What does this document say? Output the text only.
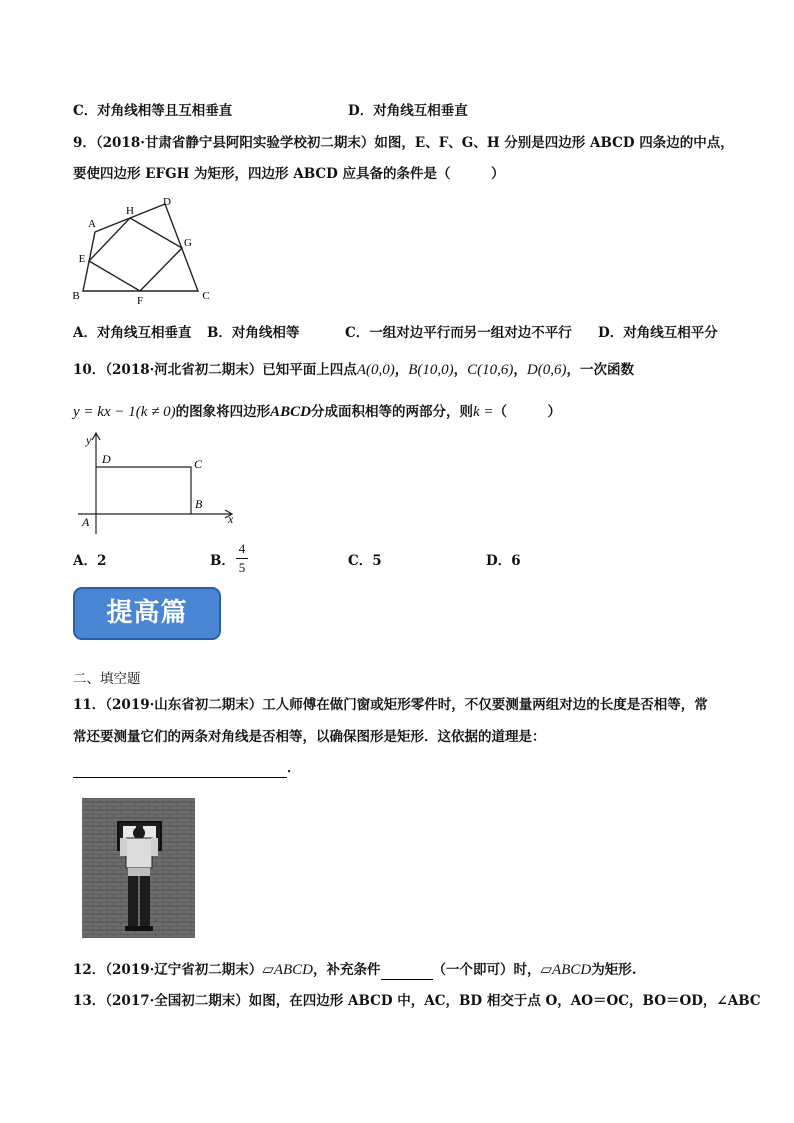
C．对角线相等且互相垂直	D．对角线互相垂直
9．（2018·甘肃省静宁县阿阳实验学校初二期末）如图，E、F、G、H 分别是四边形 ABCD 四条边的中点，
要使四边形 EFGH 为矩形，四边形 ABCD 应具备的条件是（　　　）
A
H
D
E
G
B	F	C
A．对角线互相垂直 B．对角线相等	C．一组对边平行而另一组对边不平行 D．对角线互相平分
10．（2018·河北省初二期末）已知平面上四点A(0,0)，B(10,0)，C(10,6)，D(0,6)，一次函数
y = kx − 1(k ≠ 0)的图象将四边形ABCD分成面积相等的两部分，则k =（　　　）
y
x
D	C
B
A
A．2	B．
4
5	C．5	D．6
提高篇
二、填空题
11．（2019·山东省初二期末）工人师傅在做门窗或矩形零件时，不仅要测量两组对边的长度是否相等，常
常还要测量它们的两条对角线是否相等，以确保图形是矩形．这依据的道理是：
．
12．（2019·辽宁省初二期末）▱ABCD，补充条件	（一个即可）时，▱ABCD为矩形.
13．（2017·全国初二期末）如图，在四边形 ABCD 中，AC，BD 相交于点 O，AO＝OC，BO＝OD，∠ABC
